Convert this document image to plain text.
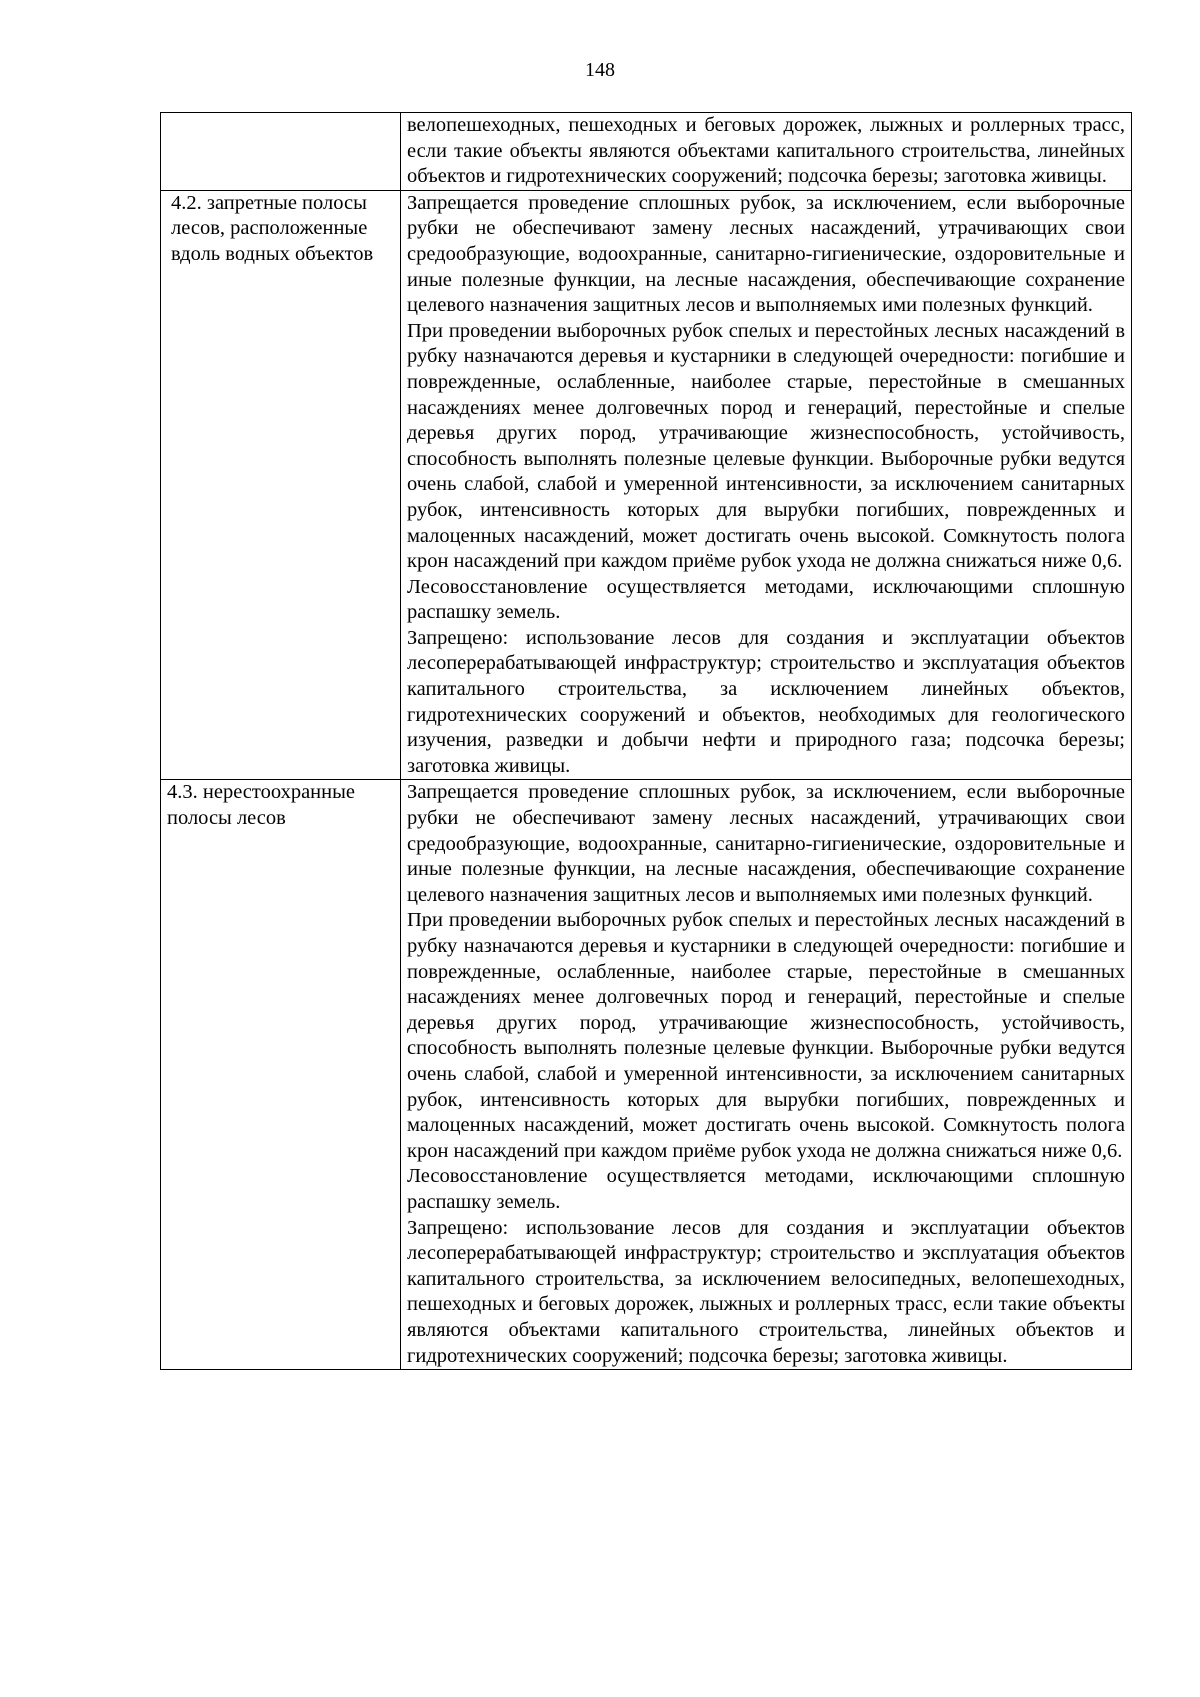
148

	велопешеходных, пешеходных и беговых дорожек, лыжных и роллерных трасс, если такие объекты являются объектами капитального строительства, линейных объектов и гидротехнических сооружений; подсочка березы; заготовка живицы.

4.2. запретные полосы лесов, расположенные вдоль водных объектов	Запрещается проведение сплошных рубок, за исключением, если выборочные рубки не обеспечивают замену лесных насаждений, утрачивающих свои средообразующие, водоохранные, санитарно-гигиенические, оздоровительные и иные полезные функции, на лесные насаждения, обеспечивающие сохранение целевого назначения защитных лесов и выполняемых ими полезных функций.

При проведении выборочных рубок спелых и перестойных лесных насаждений в рубку назначаются деревья и кустарники в следующей очередности: погибшие и поврежденные, ослабленные, наиболее старые, перестойные в смешанных насаждениях менее долговечных пород и генераций, перестойные и спелые деревья других пород, утрачивающие жизнеспособность, устойчивость, способность выполнять полезные целевые функции. Выборочные рубки ведутся очень слабой, слабой и умеренной интенсивности, за исключением санитарных рубок, интенсивность которых для вырубки погибших, поврежденных и малоценных насаждений, может достигать очень высокой. Сомкнутость полога крон насаждений при каждом приёме рубок ухода не должна снижаться ниже 0,6.

Лесовосстановление осуществляется методами, исключающими сплошную распашку земель.

Запрещено: использование лесов для создания и эксплуатации объектов лесоперерабатывающей инфраструктур; строительство и эксплуатация объектов капитального строительства, за исключением линейных объектов, гидротехнических сооружений и объектов, необходимых для геологического изучения, разведки и добычи нефти и природного газа; подсочка березы; заготовка живицы.

4.3. нерестоохранные полосы лесов	Запрещается проведение сплошных рубок, за исключением, если выборочные рубки не обеспечивают замену лесных насаждений, утрачивающих свои средообразующие, водоохранные, санитарно-гигиенические, оздоровительные и иные полезные функции, на лесные насаждения, обеспечивающие сохранение целевого назначения защитных лесов и выполняемых ими полезных функций.

При проведении выборочных рубок спелых и перестойных лесных насаждений в рубку назначаются деревья и кустарники в следующей очередности: погибшие и поврежденные, ослабленные, наиболее старые, перестойные в смешанных насаждениях менее долговечных пород и генераций, перестойные и спелые деревья других пород, утрачивающие жизнеспособность, устойчивость, способность выполнять полезные целевые функции. Выборочные рубки ведутся очень слабой, слабой и умеренной интенсивности, за исключением санитарных рубок, интенсивность которых для вырубки погибших, поврежденных и малоценных насаждений, может достигать очень высокой. Сомкнутость полога крон насаждений при каждом приёме рубок ухода не должна снижаться ниже 0,6.

Лесовосстановление осуществляется методами, исключающими сплошную распашку земель.

Запрещено: использование лесов для создания и эксплуатации объектов лесоперерабатывающей инфраструктур; строительство и эксплуатация объектов капитального строительства, за исключением велосипедных, велопешеходных, пешеходных и беговых дорожек, лыжных и роллерных трасс, если такие объекты являются объектами капитального строительства, линейных объектов и гидротехнических сооружений; подсочка березы; заготовка живицы.
